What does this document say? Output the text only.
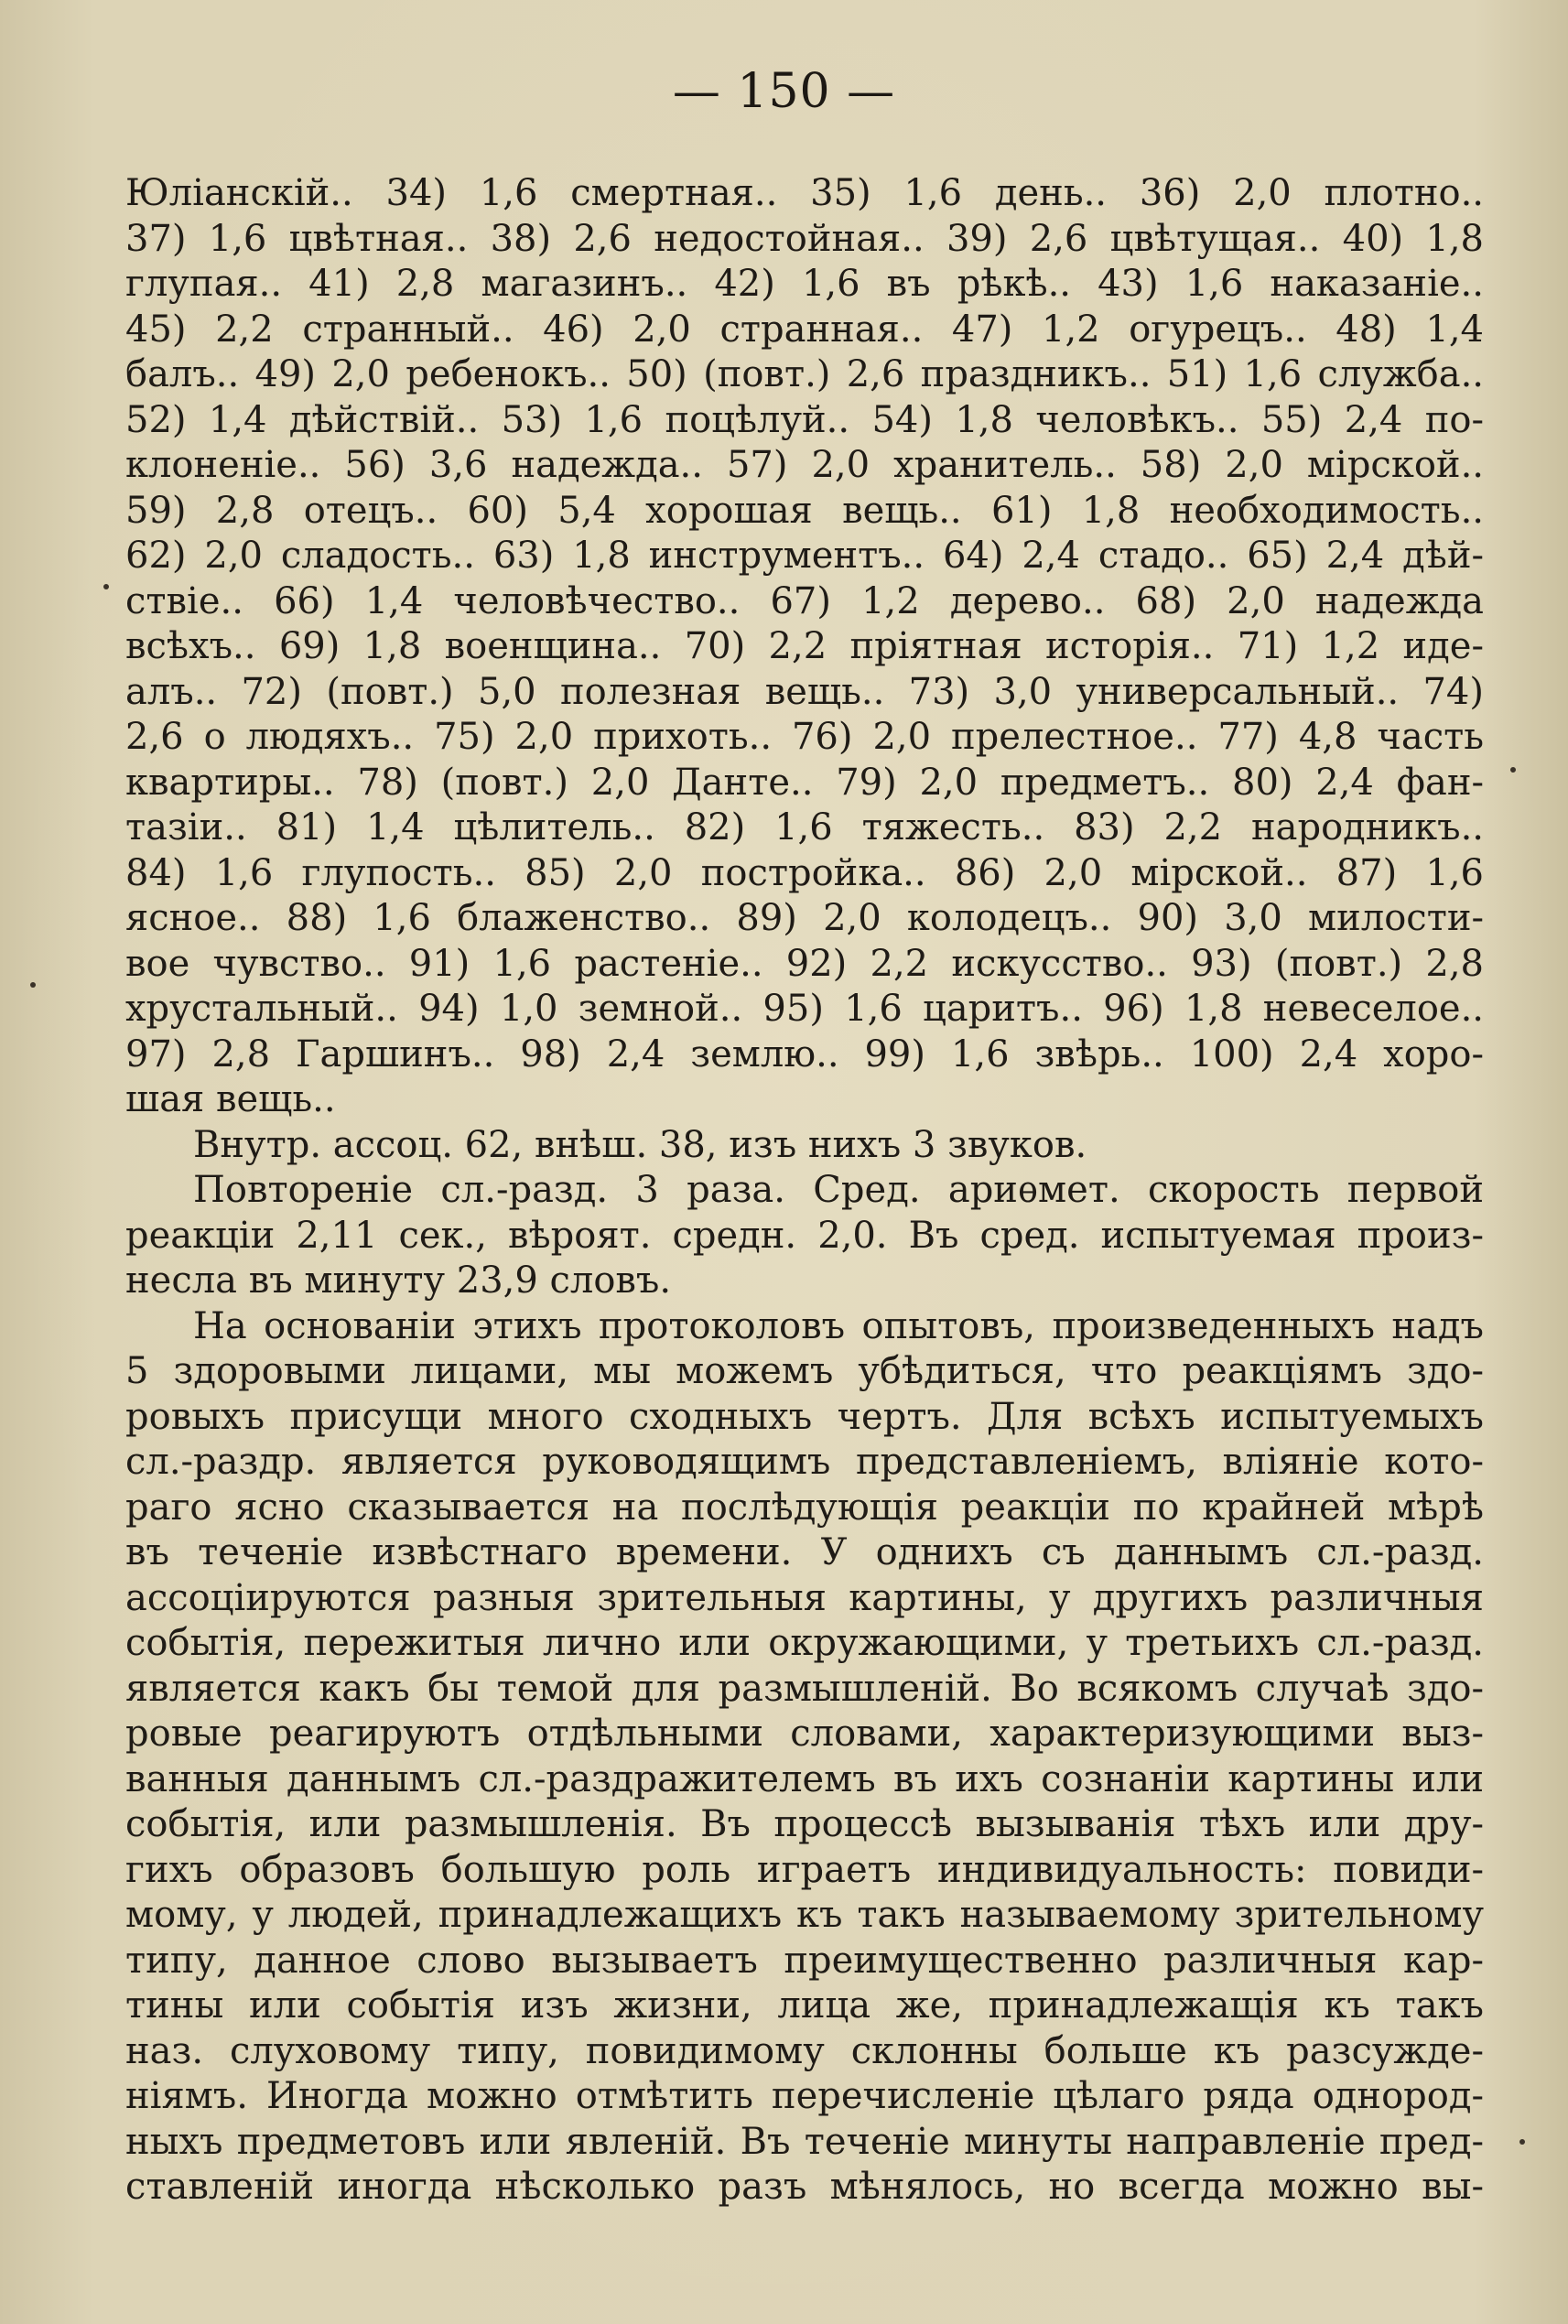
— 150 —
Юліанскій.. 34) 1,6 смертная.. 35) 1,6 день.. 36) 2,0 плотно..
37) 1,6 цвѣтная.. 38) 2,6 недостойная.. 39) 2,6 цвѣтущая.. 40) 1,8
глупая.. 41) 2,8 магазинъ.. 42) 1,6 въ рѣкѣ.. 43) 1,6 наказаніе..
45) 2,2 странный.. 46) 2,0 странная.. 47) 1,2 огурецъ.. 48) 1,4
балъ.. 49) 2,0 ребенокъ.. 50) (повт.) 2,6 праздникъ.. 51) 1,6 служба..
52) 1,4 дѣйствій.. 53) 1,6 поцѣлуй.. 54) 1,8 человѣкъ.. 55) 2,4 по-
клоненіе.. 56) 3,6 надежда.. 57) 2,0 хранитель.. 58) 2,0 мірской..
59) 2,8 отецъ.. 60) 5,4 хорошая вещь.. 61) 1,8 необходимость..
62) 2,0 сладость.. 63) 1,8 инструментъ.. 64) 2,4 стадо.. 65) 2,4 дѣй-
ствіе.. 66) 1,4 человѣчество.. 67) 1,2 дерево.. 68) 2,0 надежда
всѣхъ.. 69) 1,8 военщина.. 70) 2,2 пріятная исторія.. 71) 1,2 иде-
алъ.. 72) (повт.) 5,0 полезная вещь.. 73) 3,0 универсальный.. 74)
2,6 о людяхъ.. 75) 2,0 прихоть.. 76) 2,0 прелестное.. 77) 4,8 часть
квартиры.. 78) (повт.) 2,0 Данте.. 79) 2,0 предметъ.. 80) 2,4 фан-
тазіи.. 81) 1,4 цѣлитель.. 82) 1,6 тяжесть.. 83) 2,2 народникъ..
84) 1,6 глупость.. 85) 2,0 постройка.. 86) 2,0 мірской.. 87) 1,6
ясное.. 88) 1,6 блаженство.. 89) 2,0 колодецъ.. 90) 3,0 милости-
вое чувство.. 91) 1,6 растеніе.. 92) 2,2 искусство.. 93) (повт.) 2,8
хрустальный.. 94) 1,0 земной.. 95) 1,6 царитъ.. 96) 1,8 невеселое..
97) 2,8 Гаршинъ.. 98) 2,4 землю.. 99) 1,6 звѣрь.. 100) 2,4 хоро-
шая вещь..
Внутр. ассоц. 62, внѣш. 38, изъ нихъ 3 звуков.
Повтореніе сл.-разд. 3 раза. Сред. ариѳмет. скорость первой
реакціи 2,11 сек., вѣроят. средн. 2,0. Въ сред. испытуемая произ-
несла въ минуту 23,9 словъ.
На основаніи этихъ протоколовъ опытовъ, произведенныхъ надъ
5 здоровыми лицами, мы можемъ убѣдиться, что реакціямъ здо-
ровыхъ присущи много сходныхъ чертъ. Для всѣхъ испытуемыхъ
сл.-раздр. является руководящимъ представленіемъ, вліяніе кото-
раго ясно сказывается на послѣдующія реакціи по крайней мѣрѣ
въ теченіе извѣстнаго времени. У однихъ съ даннымъ сл.-разд.
ассоціируются разныя зрительныя картины, у другихъ различныя
событія, пережитыя лично или окружающими, у третьихъ сл.-разд.
является какъ бы темой для размышленій. Во всякомъ случаѣ здо-
ровые реагируютъ отдѣльными словами, характеризующими выз-
ванныя даннымъ сл.-раздражителемъ въ ихъ сознаніи картины или
событія, или размышленія. Въ процессѣ вызыванія тѣхъ или дру-
гихъ образовъ большую роль играетъ индивидуальность: повиди-
мому, у людей, принадлежащихъ къ такъ называемому зрительному
типу, данное слово вызываетъ преимущественно различныя кар-
тины или событія изъ жизни, лица же, принадлежащія къ такъ
наз. слуховому типу, повидимому склонны больше къ разсужде-
ніямъ. Иногда можно отмѣтить перечисленіе цѣлаго ряда однород-
ныхъ предметовъ или явленій. Въ теченіе минуты направленіе пред-
ставленій иногда нѣсколько разъ мѣнялось, но всегда можно вы-
